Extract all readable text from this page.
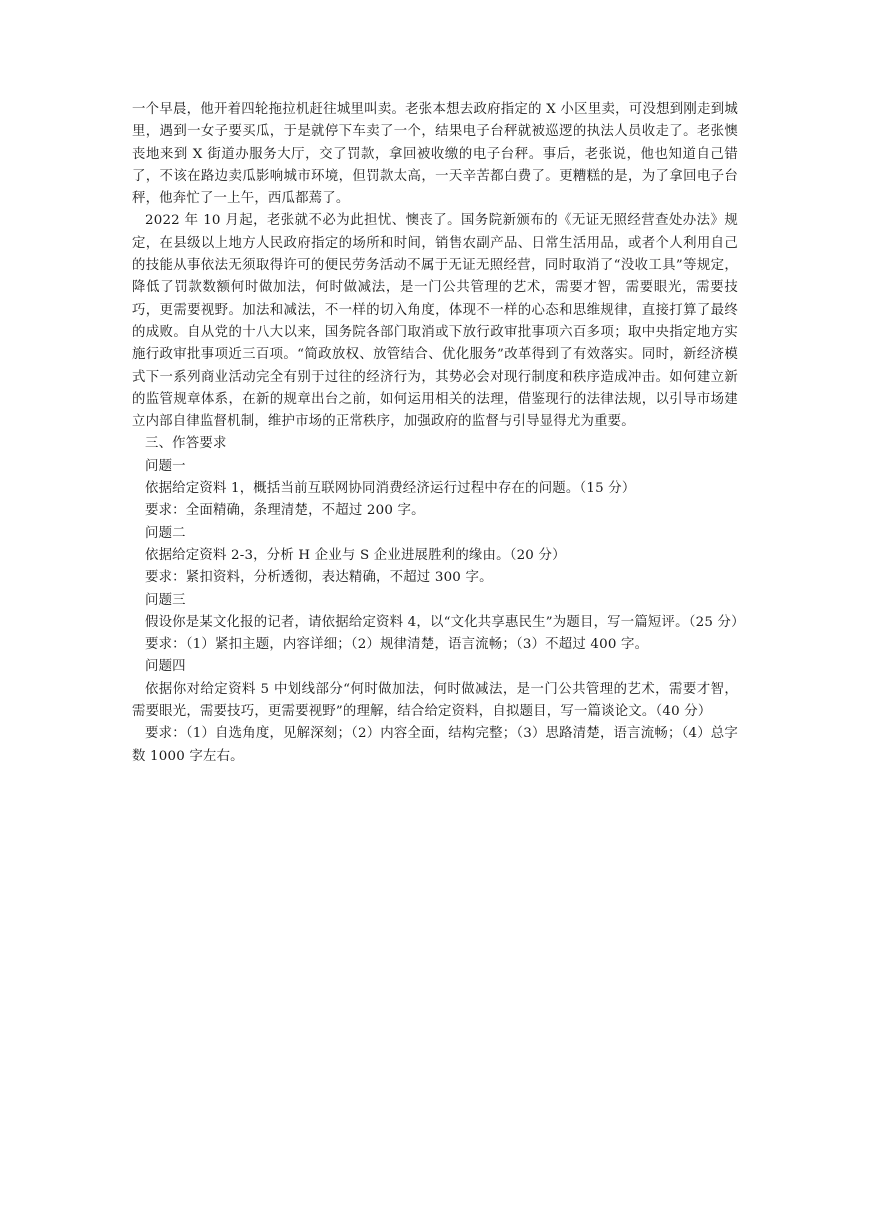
一个早晨，他开着四轮拖拉机赶往城里叫卖。老张本想去政府指定的 X 小区里卖，可没想到刚走到城里，遇到一女子要买瓜，于是就停下车卖了一个，结果电子台秤就被巡逻的执法人员收走了。老张懊丧地来到 X 街道办服务大厅，交了罚款，拿回被收缴的电子台秤。事后，老张说，他也知道自己错了，不该在路边卖瓜影响城市环境，但罚款太高，一天辛苦都白费了。更糟糕的是，为了拿回电子台秤，他奔忙了一上午，西瓜都蔫了。

2022 年 10 月起，老张就不必为此担忧、懊丧了。国务院新颁布的《无证无照经营查处办法》规定，在县级以上地方人民政府指定的场所和时间，销售农副产品、日常生活用品，或者个人利用自己的技能从事依法无须取得许可的便民劳务活动不属于无证无照经营，同时取消了“没收工具”等规定，降低了罚款数额何时做加法，何时做减法，是一门公共管理的艺术，需要才智，需要眼光，需要技巧，更需要视野。加法和减法，不一样的切入角度，体现不一样的心态和思维规律，直接打算了最终的成败。自从党的十八大以来，国务院各部门取消或下放行政审批事项六百多项；取中央指定地方实施行政审批事项近三百项。“简政放权、放管结合、优化服务”改革得到了有效落实。同时，新经济模式下一系列商业活动完全有别于过往的经济行为，其势必会对现行制度和秩序造成冲击。如何建立新的监管规章体系，在新的规章出台之前，如何运用相关的法理，借鉴现行的法律法规，以引导市场建立内部自律监督机制，维护市场的正常秩序，加强政府的监督与引导显得尤为重要。

三、作答要求

问题一

依据给定资料 1，概括当前互联网协同消费经济运行过程中存在的问题。（15 分）

要求：全面精确，条理清楚，不超过 200 字。

问题二

依据给定资料 2-3，分析 H 企业与 S 企业进展胜利的缘由。（20 分）

要求：紧扣资料，分析透彻，表达精确，不超过 300 字。

问题三

假设你是某文化报的记者，请依据给定资料 4，以“文化共享惠民生”为题目，写一篇短评。（25 分）

要求：（1）紧扣主题，内容详细；（2）规律清楚，语言流畅；（3）不超过 400 字。

问题四

依据你对给定资料 5 中划线部分“何时做加法，何时做减法，是一门公共管理的艺术，需要才智，需要眼光，需要技巧，更需要视野”的理解，结合给定资料，自拟题目，写一篇谈论文。（40 分）

要求：（1）自选角度，见解深刻；（2）内容全面，结构完整；（3）思路清楚，语言流畅；（4）总字数 1000 字左右。
